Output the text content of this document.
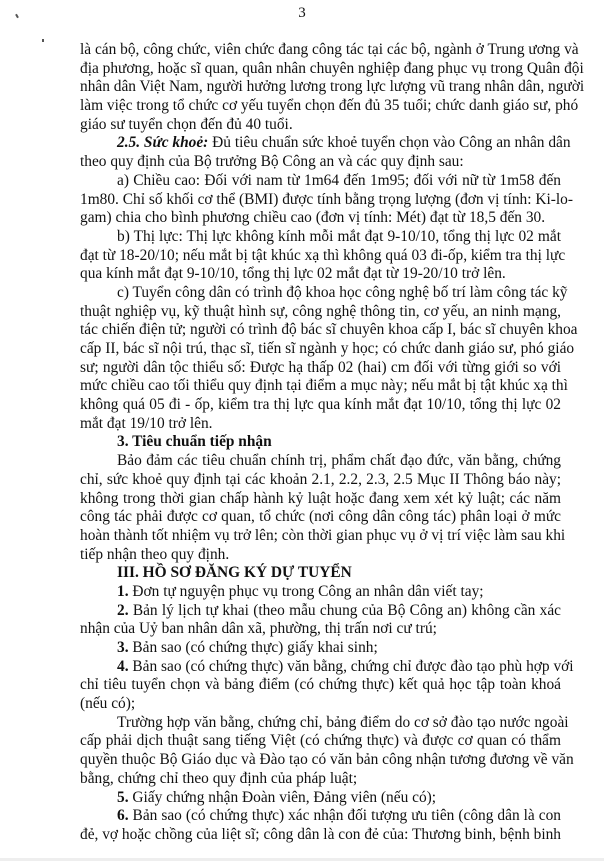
3
là cán bộ, công chức, viên chức đang công tác tại các bộ, ngành ở Trung ương và
địa phương, hoặc sĩ quan, quân nhân chuyên nghiệp đang phục vụ trong Quân đội
nhân dân Việt Nam, người hưởng lương trong lực lượng vũ trang nhân dân, người
làm việc trong tổ chức cơ yếu tuyển chọn đến đủ 35 tuổi; chức danh giáo sư, phó
giáo sư tuyển chọn đến đủ 40 tuổi.
2.5. Sức khoẻ: Đủ tiêu chuẩn sức khoẻ tuyển chọn vào Công an nhân dân
theo quy định của Bộ trưởng Bộ Công an và các quy định sau:
a) Chiều cao: Đối với nam từ 1m64 đến 1m95; đối với nữ từ 1m58 đến
1m80. Chỉ số khối cơ thể (BMI) được tính bằng trọng lượng (đơn vị tính: Ki-lo-
gam) chia cho bình phương chiều cao (đơn vị tính: Mét) đạt từ 18,5 đến 30.
b) Thị lực: Thị lực không kính mỗi mắt đạt 9-10/10, tổng thị lực 02 mắt
đạt từ 18-20/10; nếu mắt bị tật khúc xạ thì không quá 03 đi-ốp, kiểm tra thị lực
qua kính mắt đạt 9-10/10, tổng thị lực 02 mắt đạt từ 19-20/10 trở lên.
c) Tuyển công dân có trình độ khoa học công nghệ bố trí làm công tác kỹ
thuật nghiệp vụ, kỹ thuật hình sự, công nghệ thông tin, cơ yếu, an ninh mạng,
tác chiến điện tử; người có trình độ bác sĩ chuyên khoa cấp I, bác sĩ chuyên khoa
cấp II, bác sĩ nội trú, thạc sĩ, tiến sĩ ngành y học; có chức danh giáo sư, phó giáo
sư; người dân tộc thiểu số: Được hạ thấp 02 (hai) cm đối với từng giới so với
mức chiều cao tối thiểu quy định tại điểm a mục này; nếu mắt bị tật khúc xạ thì
không quá 05 đi - ốp, kiểm tra thị lực qua kính mắt đạt 10/10, tổng thị lực 02
mắt đạt 19/10 trở lên.
3. Tiêu chuẩn tiếp nhận
Bảo đảm các tiêu chuẩn chính trị, phẩm chất đạo đức, văn bằng, chứng
chỉ, sức khoẻ quy định tại các khoản 2.1, 2.2, 2.3, 2.5 Mục II Thông báo này;
không trong thời gian chấp hành kỷ luật hoặc đang xem xét kỷ luật; các năm
công tác phải được cơ quan, tổ chức (nơi công dân công tác) phân loại ở mức
hoàn thành tốt nhiệm vụ trở lên; còn thời gian phục vụ ở vị trí việc làm sau khi
tiếp nhận theo quy định.
III. HỒ SƠ ĐĂNG KÝ DỰ TUYỂN
1. Đơn tự nguyện phục vụ trong Công an nhân dân viết tay;
2. Bản lý lịch tự khai (theo mẫu chung của Bộ Công an) không cần xác
nhận của Uỷ ban nhân dân xã, phường, thị trấn nơi cư trú;
3. Bản sao (có chứng thực) giấy khai sinh;
4. Bản sao (có chứng thực) văn bằng, chứng chỉ được đào tạo phù hợp với
chỉ tiêu tuyển chọn và bảng điểm (có chứng thực) kết quả học tập toàn khoá
(nếu có);
Trường hợp văn bằng, chứng chỉ, bảng điểm do cơ sở đào tạo nước ngoài
cấp phải dịch thuật sang tiếng Việt (có chứng thực) và được cơ quan có thẩm
quyền thuộc Bộ Giáo dục và Đào tạo có văn bản công nhận tương đương về văn
bằng, chứng chỉ theo quy định của pháp luật;
5. Giấy chứng nhận Đoàn viên, Đảng viên (nếu có);
6. Bản sao (có chứng thực) xác nhận đối tượng ưu tiên (công dân là con
đẻ, vợ hoặc chồng của liệt sĩ; công dân là con đẻ của: Thương binh, bệnh binh
